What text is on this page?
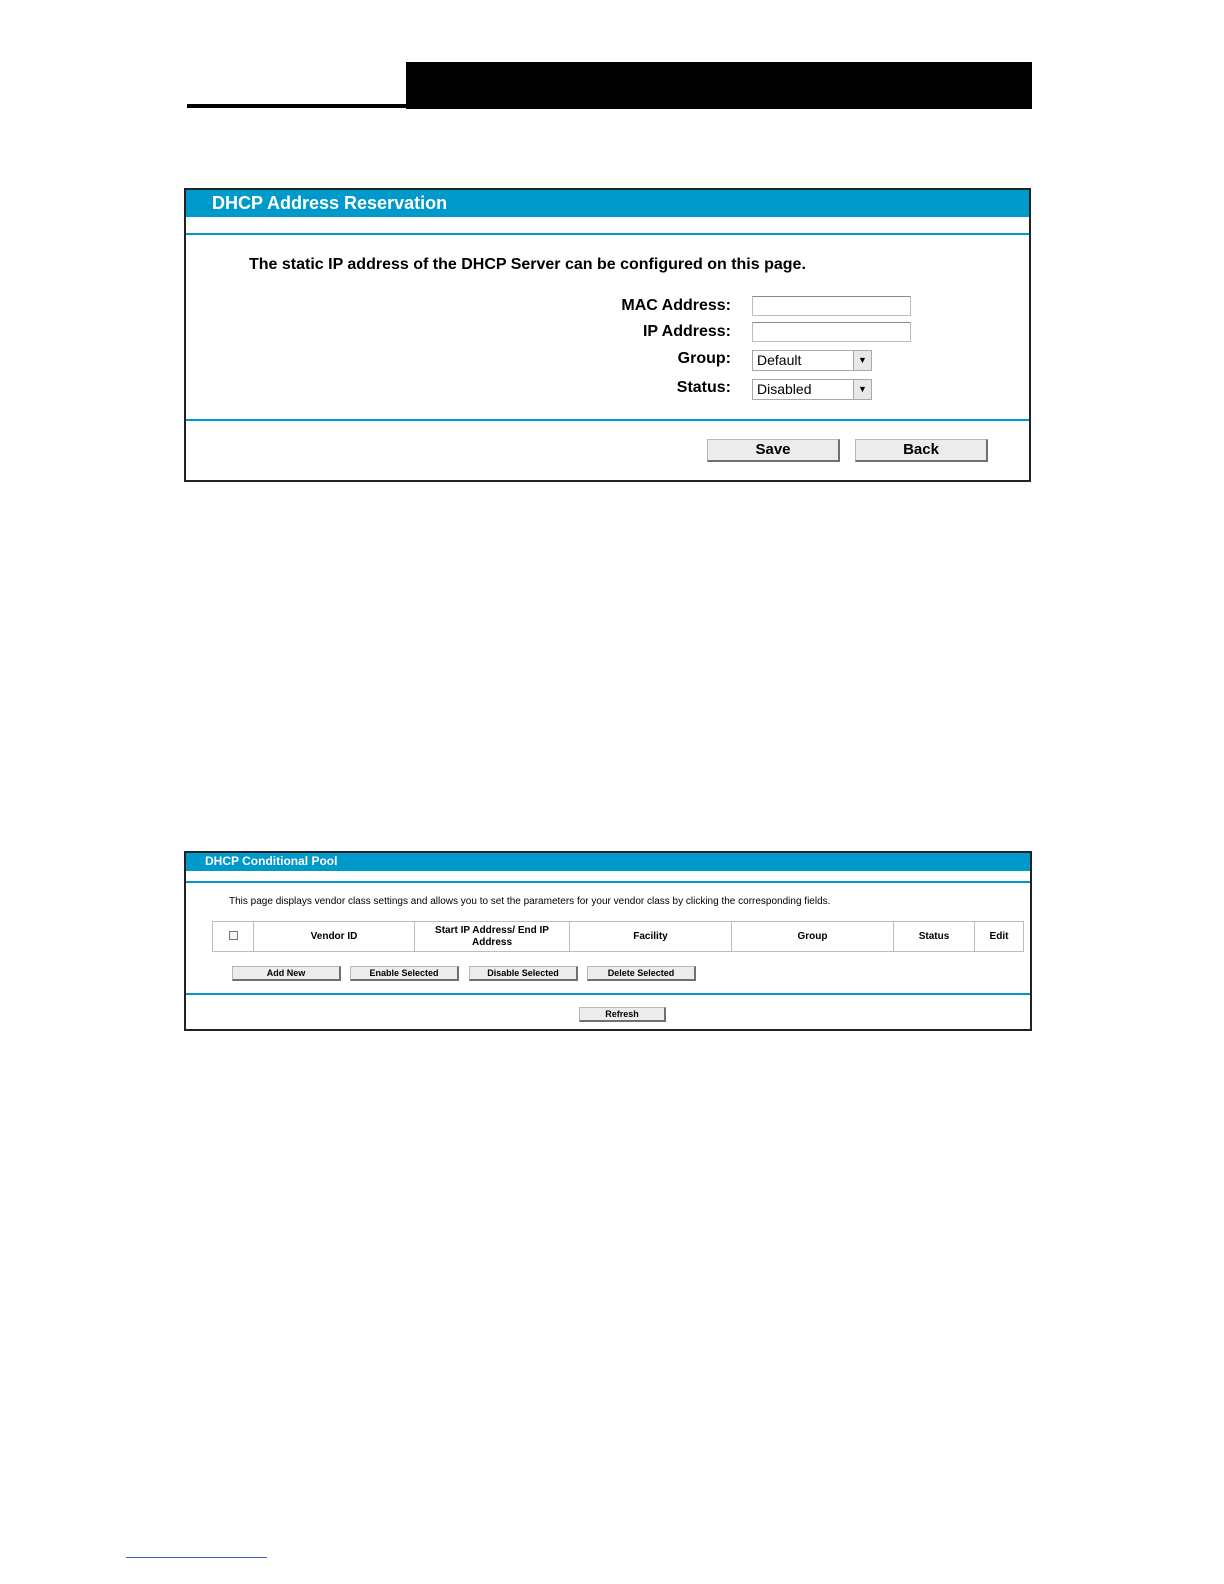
DHCP Address Reservation
The static IP address of the DHCP Server can be configured on this page.
MAC Address:
IP Address:
Group:	Default	▼
Status:	Disabled	▼
Save	Back
DHCP Conditional Pool
This page displays vendor class settings and allows you to set the parameters for your vendor class by clicking the corresponding fields.
	Vendor ID	Start IP Address/ End IP Address	Facility	Group	Status	Edit
Add New	Enable Selected	Disable Selected	Delete Selected
Refresh
